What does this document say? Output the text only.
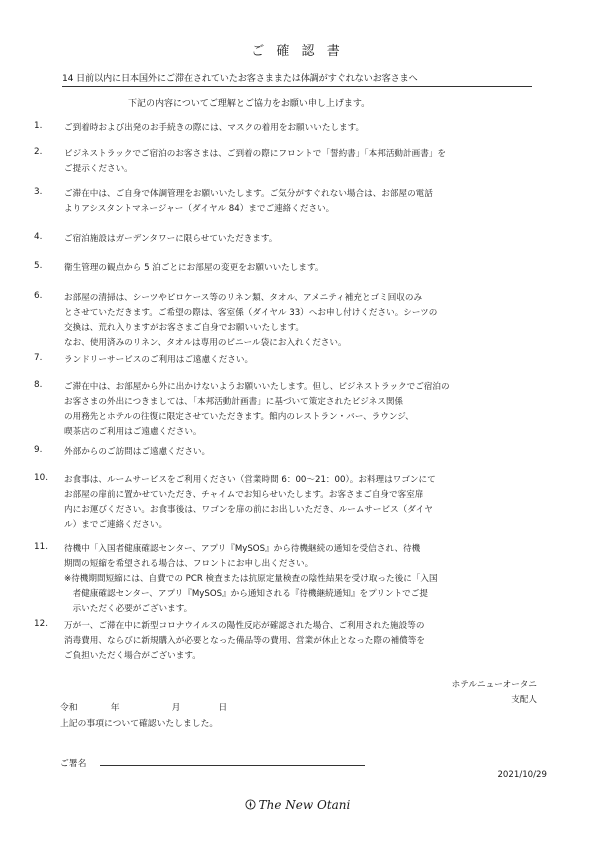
ご 確 認 書
14 日前以内に日本国外にご滞在されていたお客さままたは体調がすぐれないお客さまへ
下記の内容についてご理解とご協力をお願い申し上げます。
1.	ご到着時および出発のお手続きの際には、マスクの着用をお願いいたします。
2.	ビジネストラックでご宿泊のお客さまは、ご到着の際にフロントで「誓約書」「本邦活動計画書」を
ご提示ください。
3.	ご滞在中は、ご自身で体調管理をお願いいたします。ご気分がすぐれない場合は、お部屋の電話
よりアシスタントマネージャー（ダイヤル 84）までご連絡ください。
4.	ご宿泊施設はガーデンタワーに限らせていただきます。
5.	衛生管理の観点から 5 泊ごとにお部屋の変更をお願いいたします。
6.	お部屋の清掃は、シーツやピロケース等のリネン類、タオル、アメニティ補充とゴミ回収のみ
とさせていただきます。ご希望の際は、客室係（ダイヤル 33）へお申し付けください。シーツの
交換は、荒れ入りますがお客さまご自身でお願いいたします。
なお、使用済みのリネン、タオルは専用のビニール袋にお入れください。
7.	ランドリーサービスのご利用はご遠慮ください。
8.	ご滞在中は、お部屋から外に出かけないようお願いいたします。但し、ビジネストラックでご宿泊の
お客さまの外出につきましては、「本邦活動計画書」に基づいて策定されたビジネス関係
の用務先とホテルの往復に限定させていただきます。館内のレストラン・バー、ラウンジ、
喫茶店のご利用はご遠慮ください。
9.	外部からのご訪問はご遠慮ください。
10. お食事は、ルームサービスをご利用ください（営業時間 6：00〜21：00）。お料理はワゴンにて
お部屋の扉前に置かせていただき、チャイムでお知らせいたします。お客さまご自身で客室扉
内にお運びください。お食事後は、ワゴンを扉の前にお出しいただき、ルームサービス（ダイヤ
ル）までご連絡ください。
11. 待機中「入国者健康確認センター、アプリ『MySOS』から待機継続の通知を受信され、待機
期間の短縮を希望される場合は、フロントにお申し出ください。
※待機期間短縮には、自費での PCR 検査または抗原定量検査の陰性結果を受け取った後に「入国
　者健康確認センター、アプリ『MySOS』から通知される『待機継続通知』をプリントでご提
　示いただく必要がございます。
12. 万が一、ご滞在中に新型コロナウイルスの陽性反応が確認された場合、ご利用された施設等の
消毒費用、ならびに新規購入が必要となった備品等の費用、営業が休止となった際の補償等を
ご負担いただく場合がございます。
ホテルニューオータニ
支配人
令和	年	月	日
上記の事項について確認いたしました。
ご署名
2021/10/29
The New Otani
